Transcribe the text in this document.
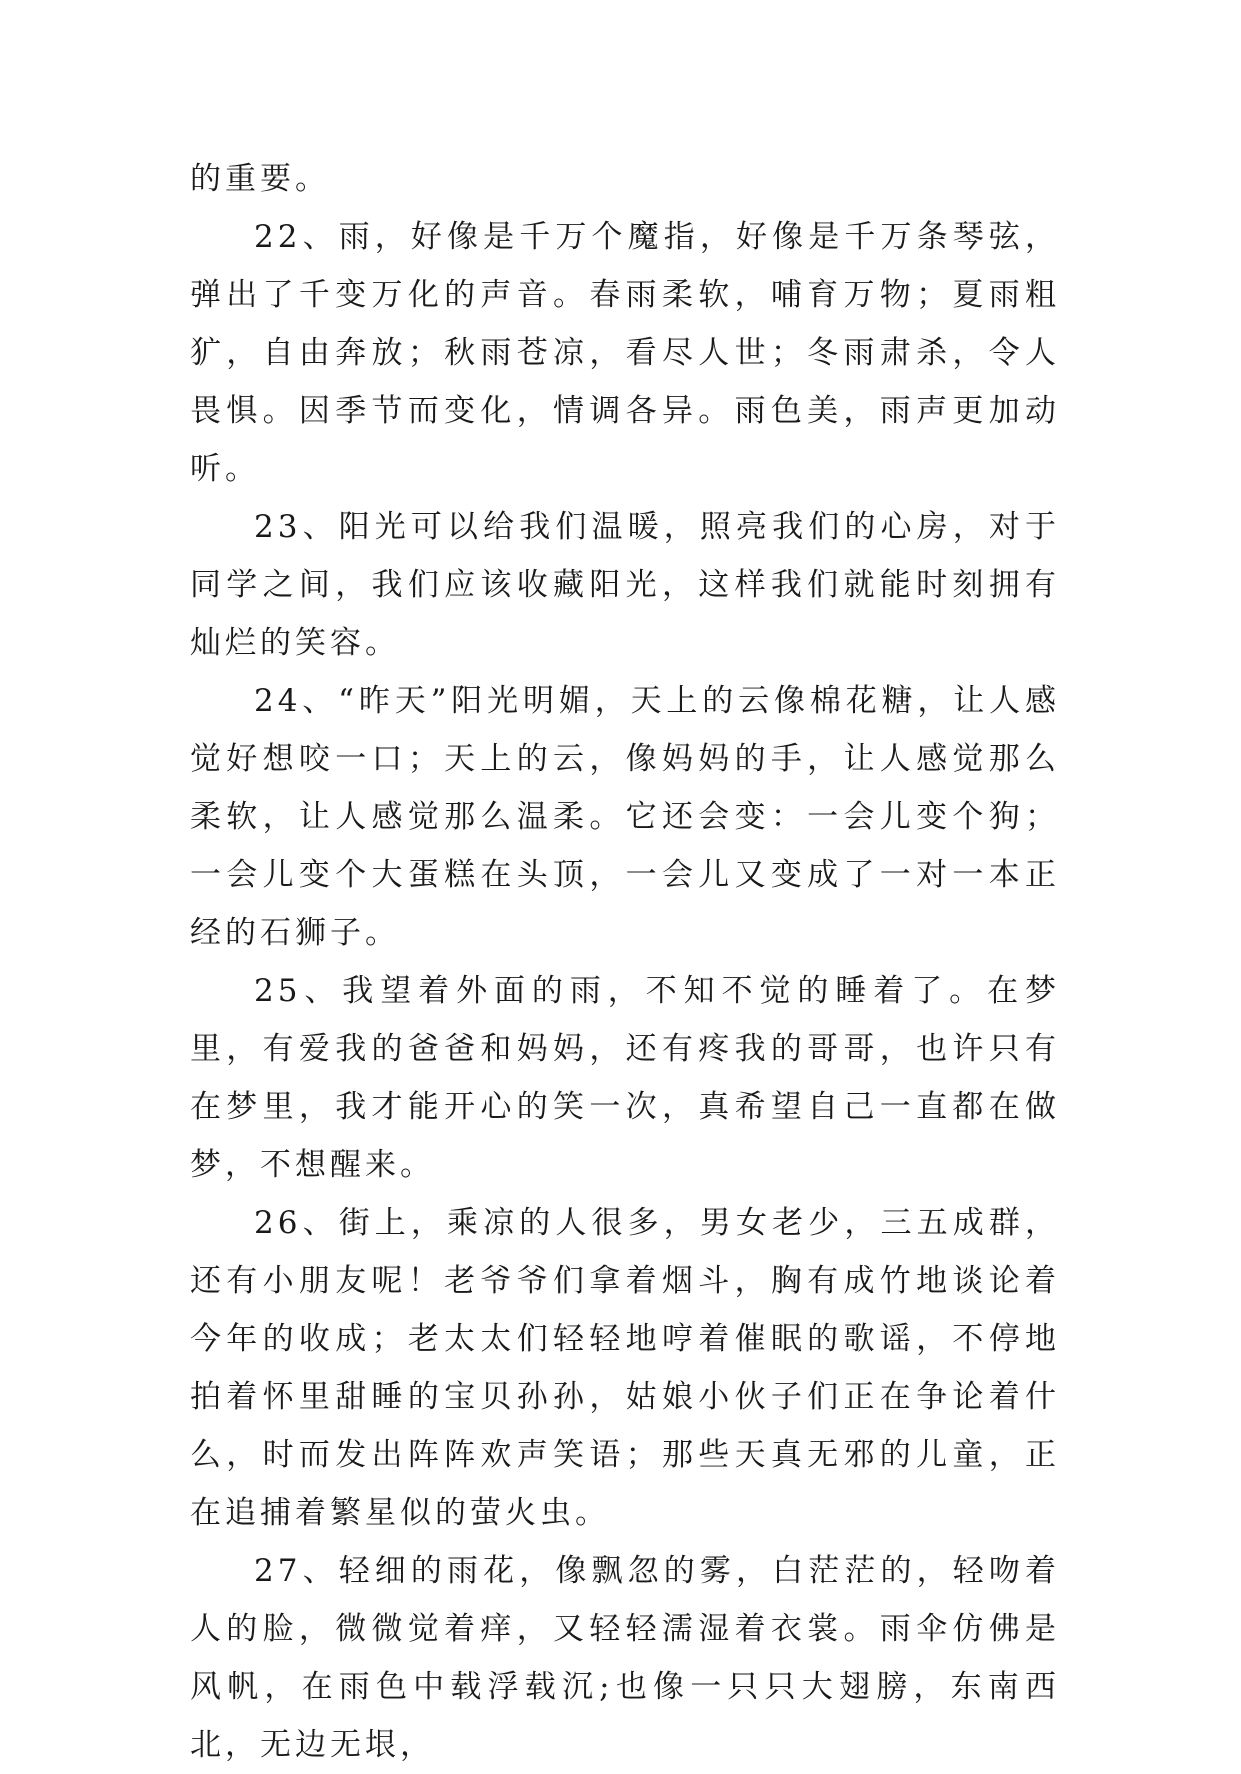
的重要。

22、雨，好像是千万个魔指，好像是千万条琴弦，弹出了千变万化的声音。春雨柔软，哺育万物；夏雨粗犷，自由奔放；秋雨苍凉，看尽人世；冬雨肃杀，令人畏惧。因季节而变化，情调各异。雨色美，雨声更加动听。

23、阳光可以给我们温暖，照亮我们的心房，对于同学之间，我们应该收藏阳光，这样我们就能时刻拥有灿烂的笑容。

24、“昨天”阳光明媚，天上的云像棉花糖，让人感觉好想咬一口；天上的云，像妈妈的手，让人感觉那么柔软，让人感觉那么温柔。它还会变：一会儿变个狗；一会儿变个大蛋糕在头顶，一会儿又变成了一对一本正经的石狮子。

25、我望着外面的雨，不知不觉的睡着了。在梦里，有爱我的爸爸和妈妈，还有疼我的哥哥，也许只有在梦里，我才能开心的笑一次，真希望自己一直都在做梦，不想醒来。

26、街上，乘凉的人很多，男女老少，三五成群，还有小朋友呢！老爷爷们拿着烟斗，胸有成竹地谈论着今年的收成；老太太们轻轻地哼着催眠的歌谣，不停地拍着怀里甜睡的宝贝孙孙，姑娘小伙子们正在争论着什么，时而发出阵阵欢声笑语；那些天真无邪的儿童，正在追捕着繁星似的萤火虫。

27、轻细的雨花，像飘忽的雾，白茫茫的，轻吻着人的脸，微微觉着痒，又轻轻濡湿着衣裳。雨伞仿佛是风帆，在雨色中载浮载沉;也像一只只大翅膀，东南西北，无边无垠，
